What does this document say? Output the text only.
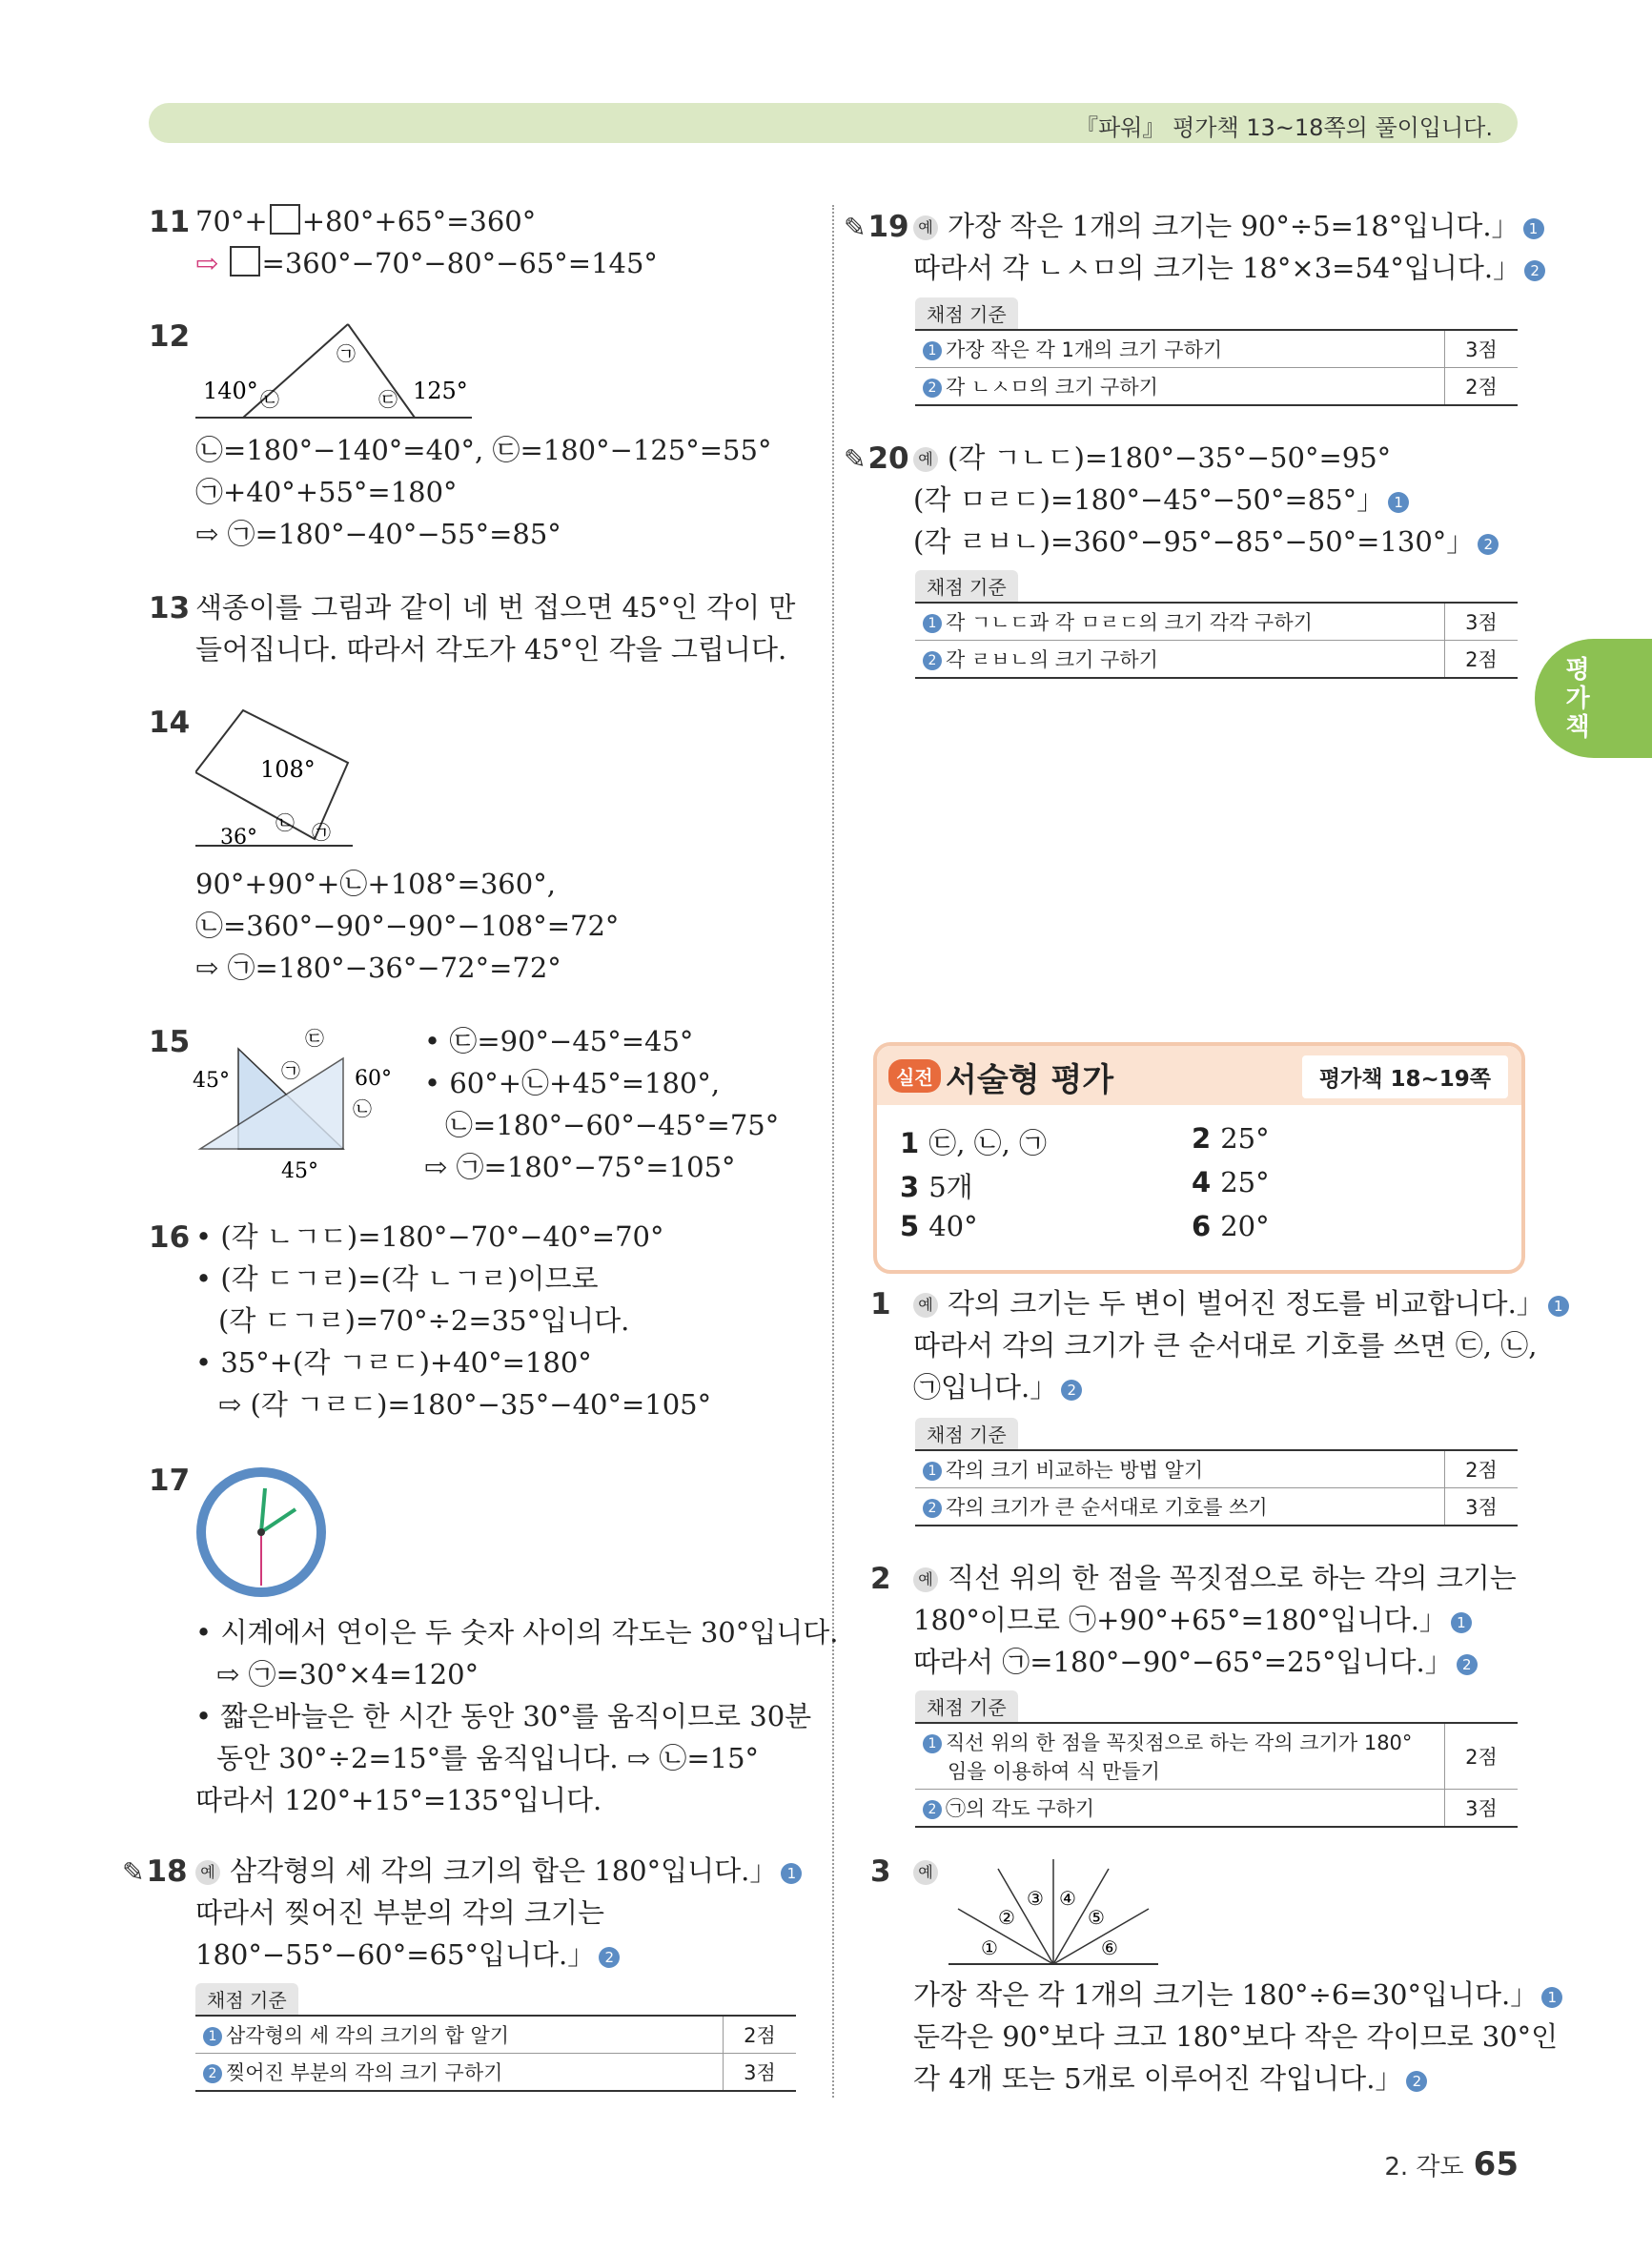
『파워』 평가책 13~18쪽의 풀이입니다.
평가책
11 70°+ +80°+65°=360°
⇨ =360°−70°−80°−65°=145°
12
140°	125°
㉠
㉡	㉢
㉡=180°−140°=40°, ㉢=180°−125°=55°
㉠+40°+55°=180°
⇨ ㉠=180°−40°−55°=85°
13 색종이를 그림과 같이 네 번 접으면 45°인 각이 만
들어집니다. 따라서 각도가 45°인 각을 그립니다.
14
108°
36°
㉡ ㉠
90°+90°+㉡+108°=360°,
㉡=360°−90°−90°−108°=72°
⇨ ㉠=180°−36°−72°=72°
15
45°	60°
45°
㉢
㉠
㉡
• ㉢=90°−45°=45°
• 60°+㉡+45°=180°,
㉡=180°−60°−45°=75°
⇨ ㉠=180°−75°=105°
16 • (각 ㄴㄱㄷ)=180°−70°−40°=70°
• (각 ㄷㄱㄹ)=(각 ㄴㄱㄹ)이므로
(각 ㄷㄱㄹ)=70°÷2=35°입니다.
• 35°+(각 ㄱㄹㄷ)+40°=180°
⇨ (각 ㄱㄹㄷ)=180°−35°−40°=105°
17
• 시계에서 연이은 두 숫자 사이의 각도는 30°입니다.
⇨ ㉠=30°×4=120°
• 짧은바늘은 한 시간 동안 30°를 움직이므로 30분
동안 30°÷2=15°를 움직입니다. ⇨ ㉡=15°
따라서 120°+15°=135°입니다.
✎18 예 삼각형의 세 각의 크기의 합은 180°입니다.」 1
따라서 찢어진 부분의 각의 크기는
180°−55°−60°=65°입니다.」 2
채점 기준
1 삼각형의 세 각의 크기의 합 알기	2점
2 찢어진 부분의 각의 크기 구하기	3점
✎19 예 가장 작은 1개의 크기는 90°÷5=18°입니다.」 1
따라서 각 ㄴㅅㅁ의 크기는 18°×3=54°입니다.」 2
채점 기준
1 가장 작은 각 1개의 크기 구하기	3점
2 각 ㄴㅅㅁ의 크기 구하기	2점
✎20 예 (각 ㄱㄴㄷ)=180°−35°−50°=95°
(각 ㅁㄹㄷ)=180°−45°−50°=85°」 1
(각 ㄹㅂㄴ)=360°−95°−85°−50°=130°」 2
채점 기준
1 각 ㄱㄴㄷ과 각 ㅁㄹㄷ의 크기 각각 구하기	3점
2 각 ㄹㅂㄴ의 크기 구하기	2점
실전 서술형 평가	평가책 18~19쪽
1 ㉢, ㉡, ㉠	2 25°
3 5개	4 25°
5 40°	6 20°
1	예 각의 크기는 두 변이 벌어진 정도를 비교합니다.」 1
따라서 각의 크기가 큰 순서대로 기호를 쓰면 ㉢, ㉡,
㉠입니다.」 2
채점 기준
1 각의 크기 비교하는 방법 알기	2점
2 각의 크기가 큰 순서대로 기호를 쓰기	3점
2	예 직선 위의 한 점을 꼭짓점으로 하는 각의 크기는
180°이므로 ㉠+90°+65°=180°입니다.」 1
따라서 ㉠=180°−90°−65°=25°입니다.」 2
채점 기준
1 직선 위의 한 점을 꼭짓점으로 하는 각의 크기가 180°
임을 이용하여 식 만들기	2점
2 ㉠의 각도 구하기	3점
3	예
①
②
③ ④
⑤
⑥
가장 작은 각 1개의 크기는 180°÷6=30°입니다.」 1
둔각은 90°보다 크고 180°보다 작은 각이므로 30°인
각 4개 또는 5개로 이루어진 각입니다.」 2
2. 각도 65
